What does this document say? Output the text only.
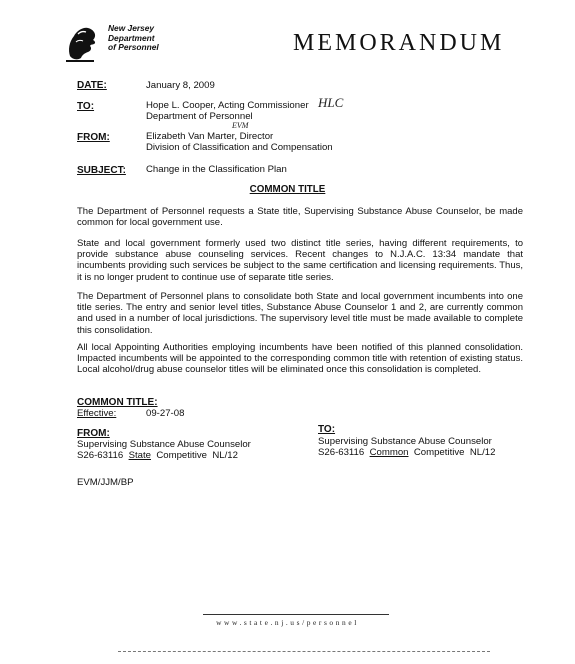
New Jersey
Department
of Personnel	MEMORANDUM
DATE:	January 8, 2009
TO:	Hope L. Cooper, Acting Commissioner HLC
Department of Personnel
FROM:	Elizabeth Van Marter, Director
EVM
Division of Classification and Compensation
SUBJECT: Change in the Classification Plan
COMMON TITLE
The Department of Personnel requests a State title, Supervising Substance Abuse Counselor, be made common for local government use.
State and local government formerly used two distinct title series, having different requirements, to provide substance abuse counseling services. Recent changes to N.J.A.C. 13:34 mandate that incumbents providing such services be subject to the same certification and licensing requirements. Thus, it is no longer prudent to continue use of separate title series.
The Department of Personnel plans to consolidate both State and local government incumbents into one title series. The entry and senior level titles, Substance Abuse Counselor 1 and 2, are currently common and used in a number of local jurisdictions. The supervisory level title must be made available to complete this consolidation.
All local Appointing Authorities employing incumbents have been notified of this planned consolidation. Impacted incumbents will be appointed to the corresponding common title with retention of existing status. Local alcohol/drug abuse counselor titles will be eliminated once this consolidation is completed.
COMMON TITLE:
Effective:	09-27-08
FROM:
Supervising Substance Abuse Counselor
S26-63116 State Competitive NL/12
TO:
Supervising Substance Abuse Counselor
S26-63116 Common Competitive NL/12
EVM/JJM/BP
www.state.nj.us/personnel
